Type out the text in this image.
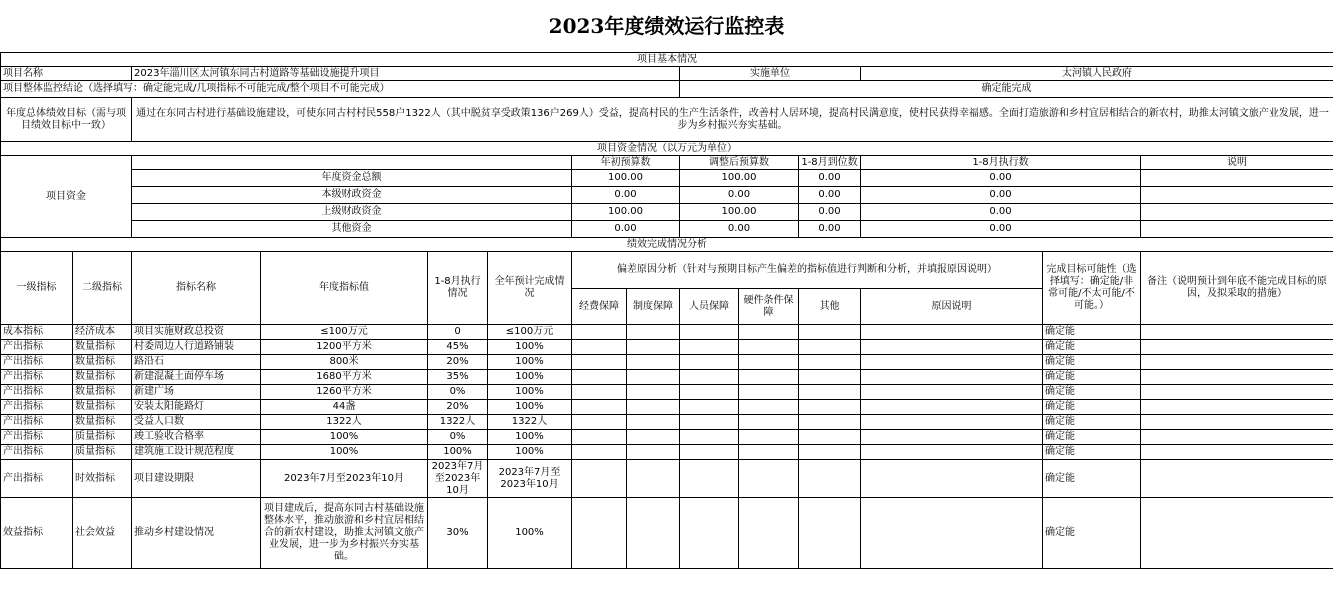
2023年度绩效运行监控表
项目基本情况													
项目名称		2023年淄川区太河镇东同古村道路等基础设施提升项目						实施单位			太河镇人民政府		
项目整体监控结论（选择填写：确定能完成/几项指标不可能完成/整个项目不可能完成）								确定能完成					
年度总体绩效目标（需与项目绩效目标中一致）		通过在东同古村进行基础设施建设，可使东同古村村民558户1322人（其中脱贫享受政策136户269人）受益，提高村民的生产生活条件，改善村人居环境，提高村民满意度，使村民获得幸福感。全面打造旅游和乡村宜居相结合的新农村，助推太河镇文旅产业发展，进一步为乡村振兴夯实基础。											
项目资金情况（以万元为单位）													
项目资金						年初预算数		调整后预算数		1-8月到位数	1-8月执行数		说明
		年度资金总额				100.00		100.00		0.00	0.00		
		本级财政资金				0.00		0.00		0.00	0.00		
		上级财政资金				100.00		100.00		0.00	0.00		
		其他资金				0.00		0.00		0.00	0.00		
绩效完成情况分析													
一级指标	二级指标	指标名称	年度指标值	1-8月执行情况	全年预计完成情况	偏差原因分析（针对与预期目标产生偏差的指标值进行判断和分析，并填报原因说明）						完成目标可能性（选择填写：确定能/非常可能/不太可能/不可能。）	备注（说明预计到年底不能完成目标的原因，及拟采取的措施）
						经费保障	制度保障	人员保障	硬件条件保障	其他	原因说明		
成本指标	经济成本	项目实施财政总投资	≤100万元	0	≤100万元							确定能	
产出指标	数量指标	村委周边人行道路铺装	1200平方米	45%	100%							确定能	
产出指标	数量指标	路沿石	800米	20%	100%							确定能	
产出指标	数量指标	新建混凝土面停车场	1680平方米	35%	100%							确定能	
产出指标	数量指标	新建广场	1260平方米	0%	100%							确定能	
产出指标	数量指标	安装太阳能路灯	44盏	20%	100%							确定能	
产出指标	数量指标	受益人口数	1322人	1322人	1322人							确定能	
产出指标	质量指标	竣工验收合格率	100%	0%	100%							确定能	
产出指标	质量指标	建筑施工设计规范程度	100%	100%	100%							确定能	
产出指标	时效指标	项目建设期限	2023年7月至2023年10月	2023年7月至2023年10月	2023年7月至2023年10月							确定能	
效益指标	社会效益	推动乡村建设情况	项目建成后，提高东同古村基础设施整体水平，推动旅游和乡村宜居相结合的新农村建设，助推太河镇文旅产业发展，进一步为乡村振兴夯实基础。	30%	100%							确定能	
